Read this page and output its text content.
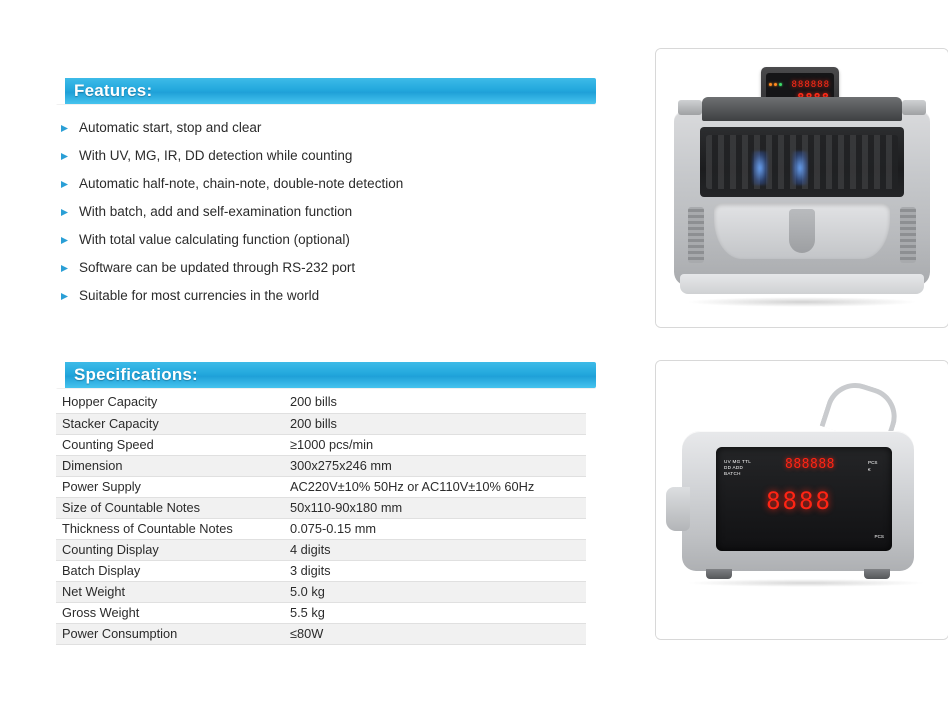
Features:
Automatic start, stop and clear
With UV, MG, IR, DD detection while counting
Automatic half-note, chain-note, double-note detection
With batch, add and self-examination function
With total value calculating function (optional)
Software can be updated through RS-232 port
Suitable for most currencies in the world
Specifications:
Hopper Capacity	200 bills
Stacker Capacity	200 bills
Counting Speed	≥1000 pcs/min
Dimension	300x275x246 mm
Power Supply	AC220V±10% 50Hz or AC110V±10% 60Hz
Size of Countable Notes	50x110-90x180 mm
Thickness of Countable Notes	0.075-0.15 mm
Counting Display	4 digits
Batch Display	3 digits
Net Weight	5.0 kg
Gross Weight	5.5 kg
Power Consumption	≤80W
888888
UV MG TTL
DD ADD BATCH
888888	PCS
€
8888
PCS
